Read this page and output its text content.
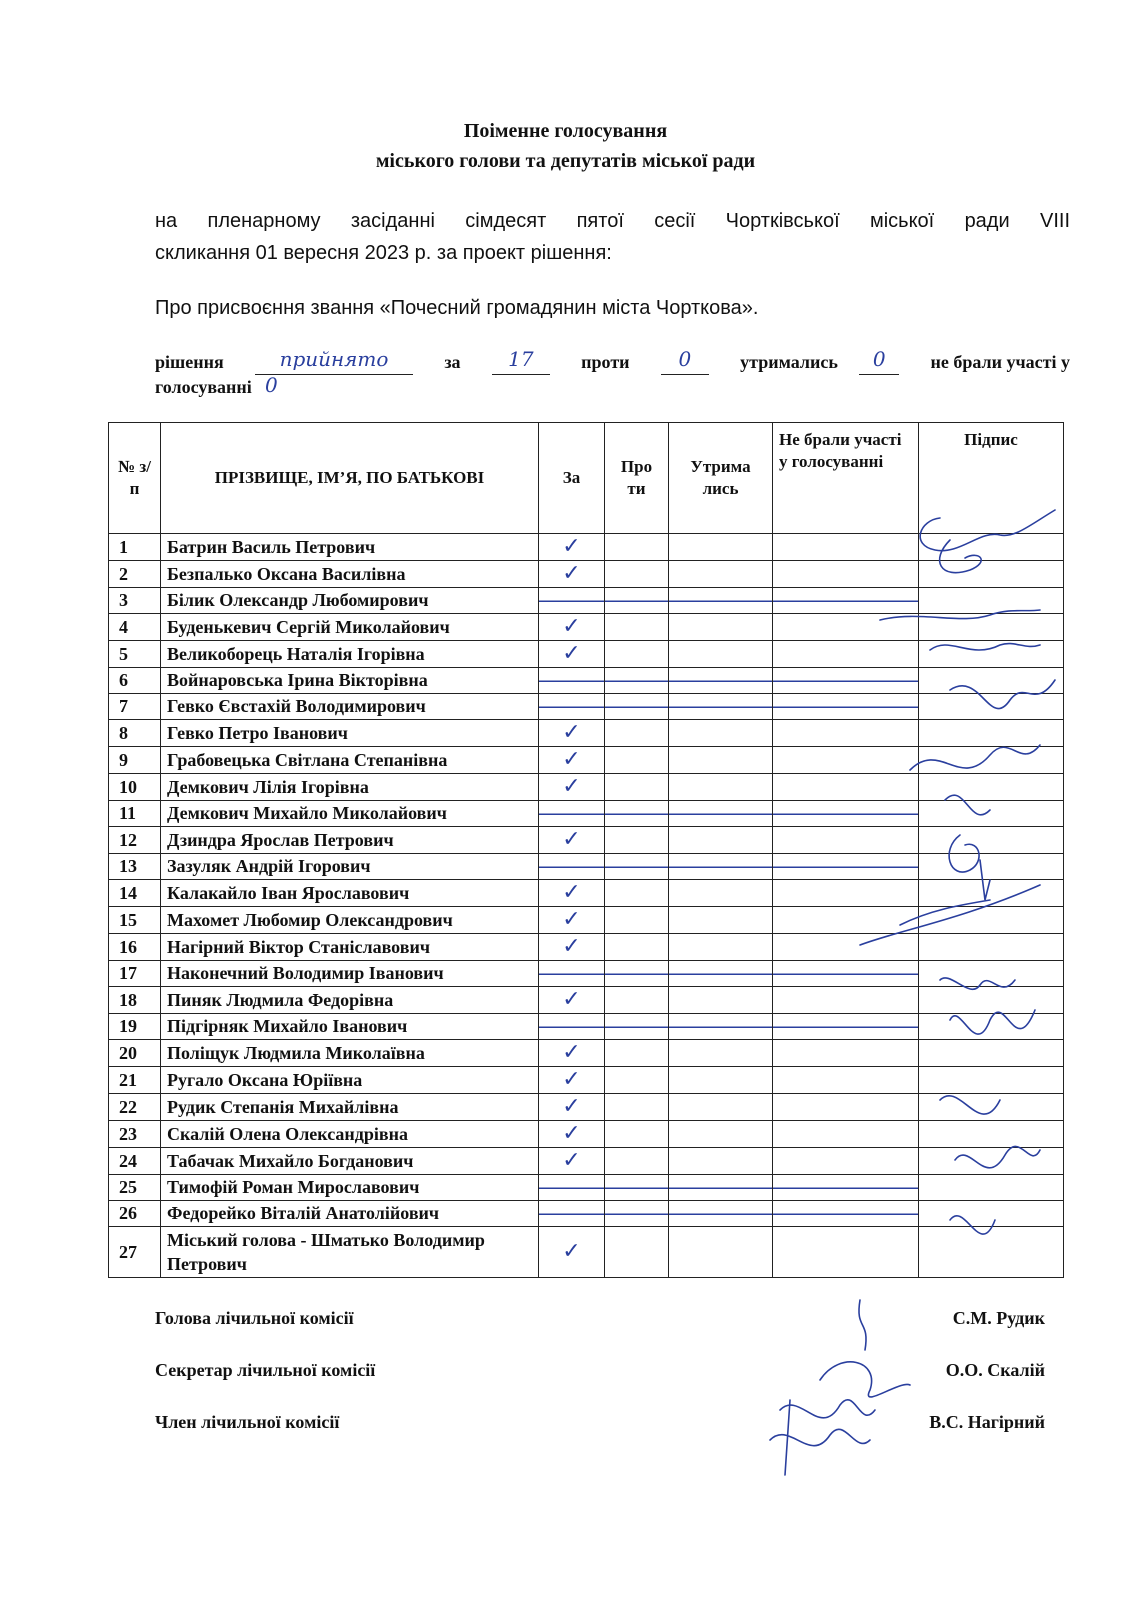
Поіменне голосування
міського голови та депутатів міської ради
на пленарному засіданні сімдесят пятої сесії Чортківської міської ради VIII
скликання 01 вересня 2023 р. за проект рішення:
Про присвоєння звання «Почесний громадянин міста Чорткова».
рішення	прийнято	за	17	проти	0	утримались	0	не брали участі у
голосуванні 0
№ з/п	ПРІЗВИЩЕ, ІМ’Я, ПО БАТЬКОВІ	За	Про ти	Утрима лись	Не брали участі у голосуванні	Підпис
1	Батрин Василь Петрович	✓				
2	Безпалько Оксана Василівна	✓				
3	Білик Олександр Любомирович					
4	Буденькевич Сергій Миколайович	✓				
5	Великоборець Наталія Ігорівна	✓				
6	Войнаровська Ірина Вікторівна					
7	Гевко Євстахій Володимирович					
8	Гевко Петро Іванович	✓				
9	Грабовецька Світлана Степанівна	✓				
10	Демкович Лілія Ігорівна	✓				
11	Демкович Михайло Миколайович					
12	Дзиндра Ярослав Петрович	✓				
13	Зазуляк Андрій Ігорович					
14	Калакайло Іван Ярославович	✓				
15	Махомет Любомир Олександрович	✓				
16	Нагірний Віктор Станіславович	✓				
17	Наконечний Володимир Іванович					
18	Пиняк Людмила Федорівна	✓				
19	Підгірняк Михайло Іванович					
20	Поліщук Людмила Миколаївна	✓				
21	Ругало Оксана Юріївна	✓				
22	Рудик Степанія Михайлівна	✓				
23	Скалій Олена Олександрівна	✓				
24	Табачак Михайло Богданович	✓				
25	Тимофій Роман Мирославович					
26	Федорейко Віталій Анатолійович					
27	Міський голова - Шматько Володимир Петрович	✓				
Голова лічильної комісії	С.М. Рудик
Секретар лічильної комісії	О.О. Скалій
Член лічильної комісії	В.С. Нагірний
